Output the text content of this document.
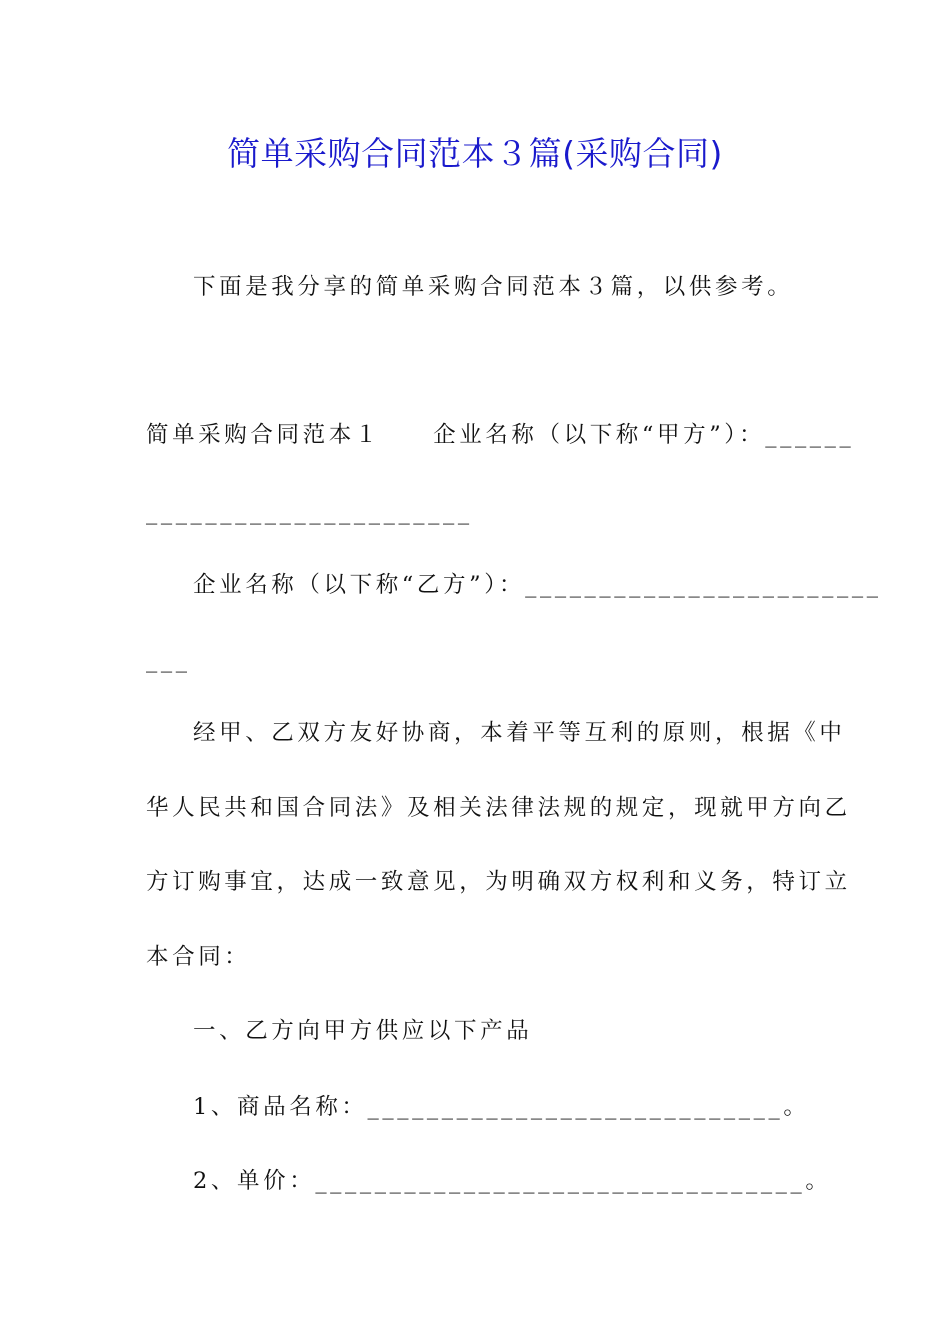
简单采购合同范本３篇(采购合同)
下面是我分享的简单采购合同范本３篇，以供参考。
简单采购合同范本１　　企业名称（以下称“甲方”）：______
______________________
企业名称（以下称“乙方”）：________________________
___
经甲、乙双方友好协商，本着平等互利的原则，根据《中
华人民共和国合同法》及相关法律法规的规定，现就甲方向乙
方订购事宜，达成一致意见，为明确双方权利和义务，特订立
本合同：
一、乙方向甲方供应以下产品
1、商品名称：____________________________。
2、单价：_________________________________。
